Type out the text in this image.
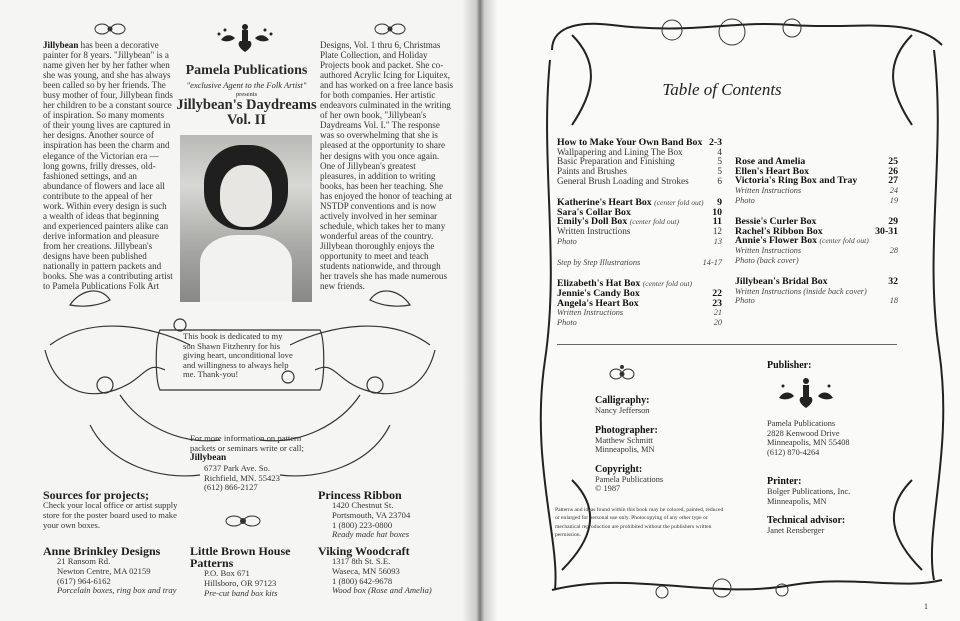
Jillybean has been a decorative painter for 8 years. "Jillybean" is a name given her by her father when she was young, and she has always been called so by her friends. The busy mother of four, Jillybean finds her children to be a constant source of inspiration. So many moments of their young lives are captured in her designs. Another source of inspiration has been the charm and elegance of the Victorian era — long gowns, frilly dresses, old-fashioned settings, and an abundance of flowers and lace all contribute to the appeal of her work. Within every design is such a wealth of ideas that beginning and experienced painters alike can derive information and pleasure from her creations. Jillybean's designs have been published nationally in pattern packets and books. She was a contributing artist to Pamela Publications Folk Art
Pamela Publications
"exclusive Agent to the Folk Artist"
presents
Jillybean's Daydreams
Vol. II
Designs, Vol. 1 thru 6, Christmas Plate Collection, and Holiday Projects book and packet. She co-authored Acrylic Icing for Liquitex, and has worked on a free lance basis for both companies. Her artistic endeavors culminated in the writing of her own book, "Jillybean's Daydreams Vol. I." The response was so overwhelming that she is pleased at the opportunity to share her designs with you once again. One of Jillybean's greatest pleasures, in addition to writing books, has been her teaching. She has enjoyed the honor of teaching at NSTDP conventions and is now actively involved in her seminar schedule, which takes her to many wonderful areas of the country. Jillybean thoroughly enjoys the opportunity to meet and teach students nationwide, and through her travels she has made numerous new friends.
This book is dedicated to my son Shawn Fitzhenry for his giving heart, unconditional love and willingness to always help me. Thank-you!
For more information on pattern packets or seminars write or call;
Jillybean
6737 Park Ave. So.
Richfield, MN. 55423
(612) 866-2127
Sources for projects;
Check your local office or artist supply store for the poster board used to make your own boxes.
Anne Brinkley Designs
21 Ransom Rd.
Newton Centre, MA 02159
(617) 964-6162
Porcelain boxes, ring box and tray
Little Brown House Patterns
P.O. Box 671
Hillsboro, OR 97123
Pre-cut band box kits
Princess Ribbon
1420 Chestnut St.
Portsmouth, VA 23704
1 (800) 223-0800
Ready made hat boxes
Viking Woodcraft
1317 8th St. S.E.
Waseca, MN 56093
1 (800) 642-9678
Wood box (Rose and Amelia)
Table of Contents
How to Make Your Own Band Box 2-3
Wallpapering and Lining The Box	4
Basic Preparation and Finishing	5
Paints and Brushes	5
General Brush Loading and Strokes	6
Katherine's Heart Box (center fold out) 9
Sara's Collar Box	10
Emily's Doll Box (center fold out)	11
Written Instructions	12
Photo	13
Step by Step Illustrations	14-17
Elizabeth's Hat Box (center fold out)
Jennie's Candy Box	22
Angela's Heart Box	23
Written Instructions	21
Photo	20
Rose and Amelia	25
Ellen's Heart Box	26
Victoria's Ring Box and Tray	27
Written Instructions	24
Photo	19
Bessie's Curler Box	29
Rachel's Ribbon Box	30-31
Annie's Flower Box (center fold out)
Written Instructions	28
Photo (back cover)
Jillybean's Bridal Box	32
Written Instructions (inside back cover)
Photo	18
Calligraphy:
Nancy Jefferson
Photographer:
Matthew Schmitt
Minneapolis, MN
Copyright:
Pamela Publications
© 1987
Patterns and ideas found within this book may be colored, painted, reduced or enlarged for personal use only. Photocopying of any other type or mechanical reproduction are prohibited without the publishers written permission.
Publisher:
Pamela Publications
2828 Kenwood Drive
Minneapolis, MN 55408
(612) 870-4264
Printer:
Bolger Publications, Inc.
Minneapolis, MN
Technical advisor:
Janet Rensberger
1
